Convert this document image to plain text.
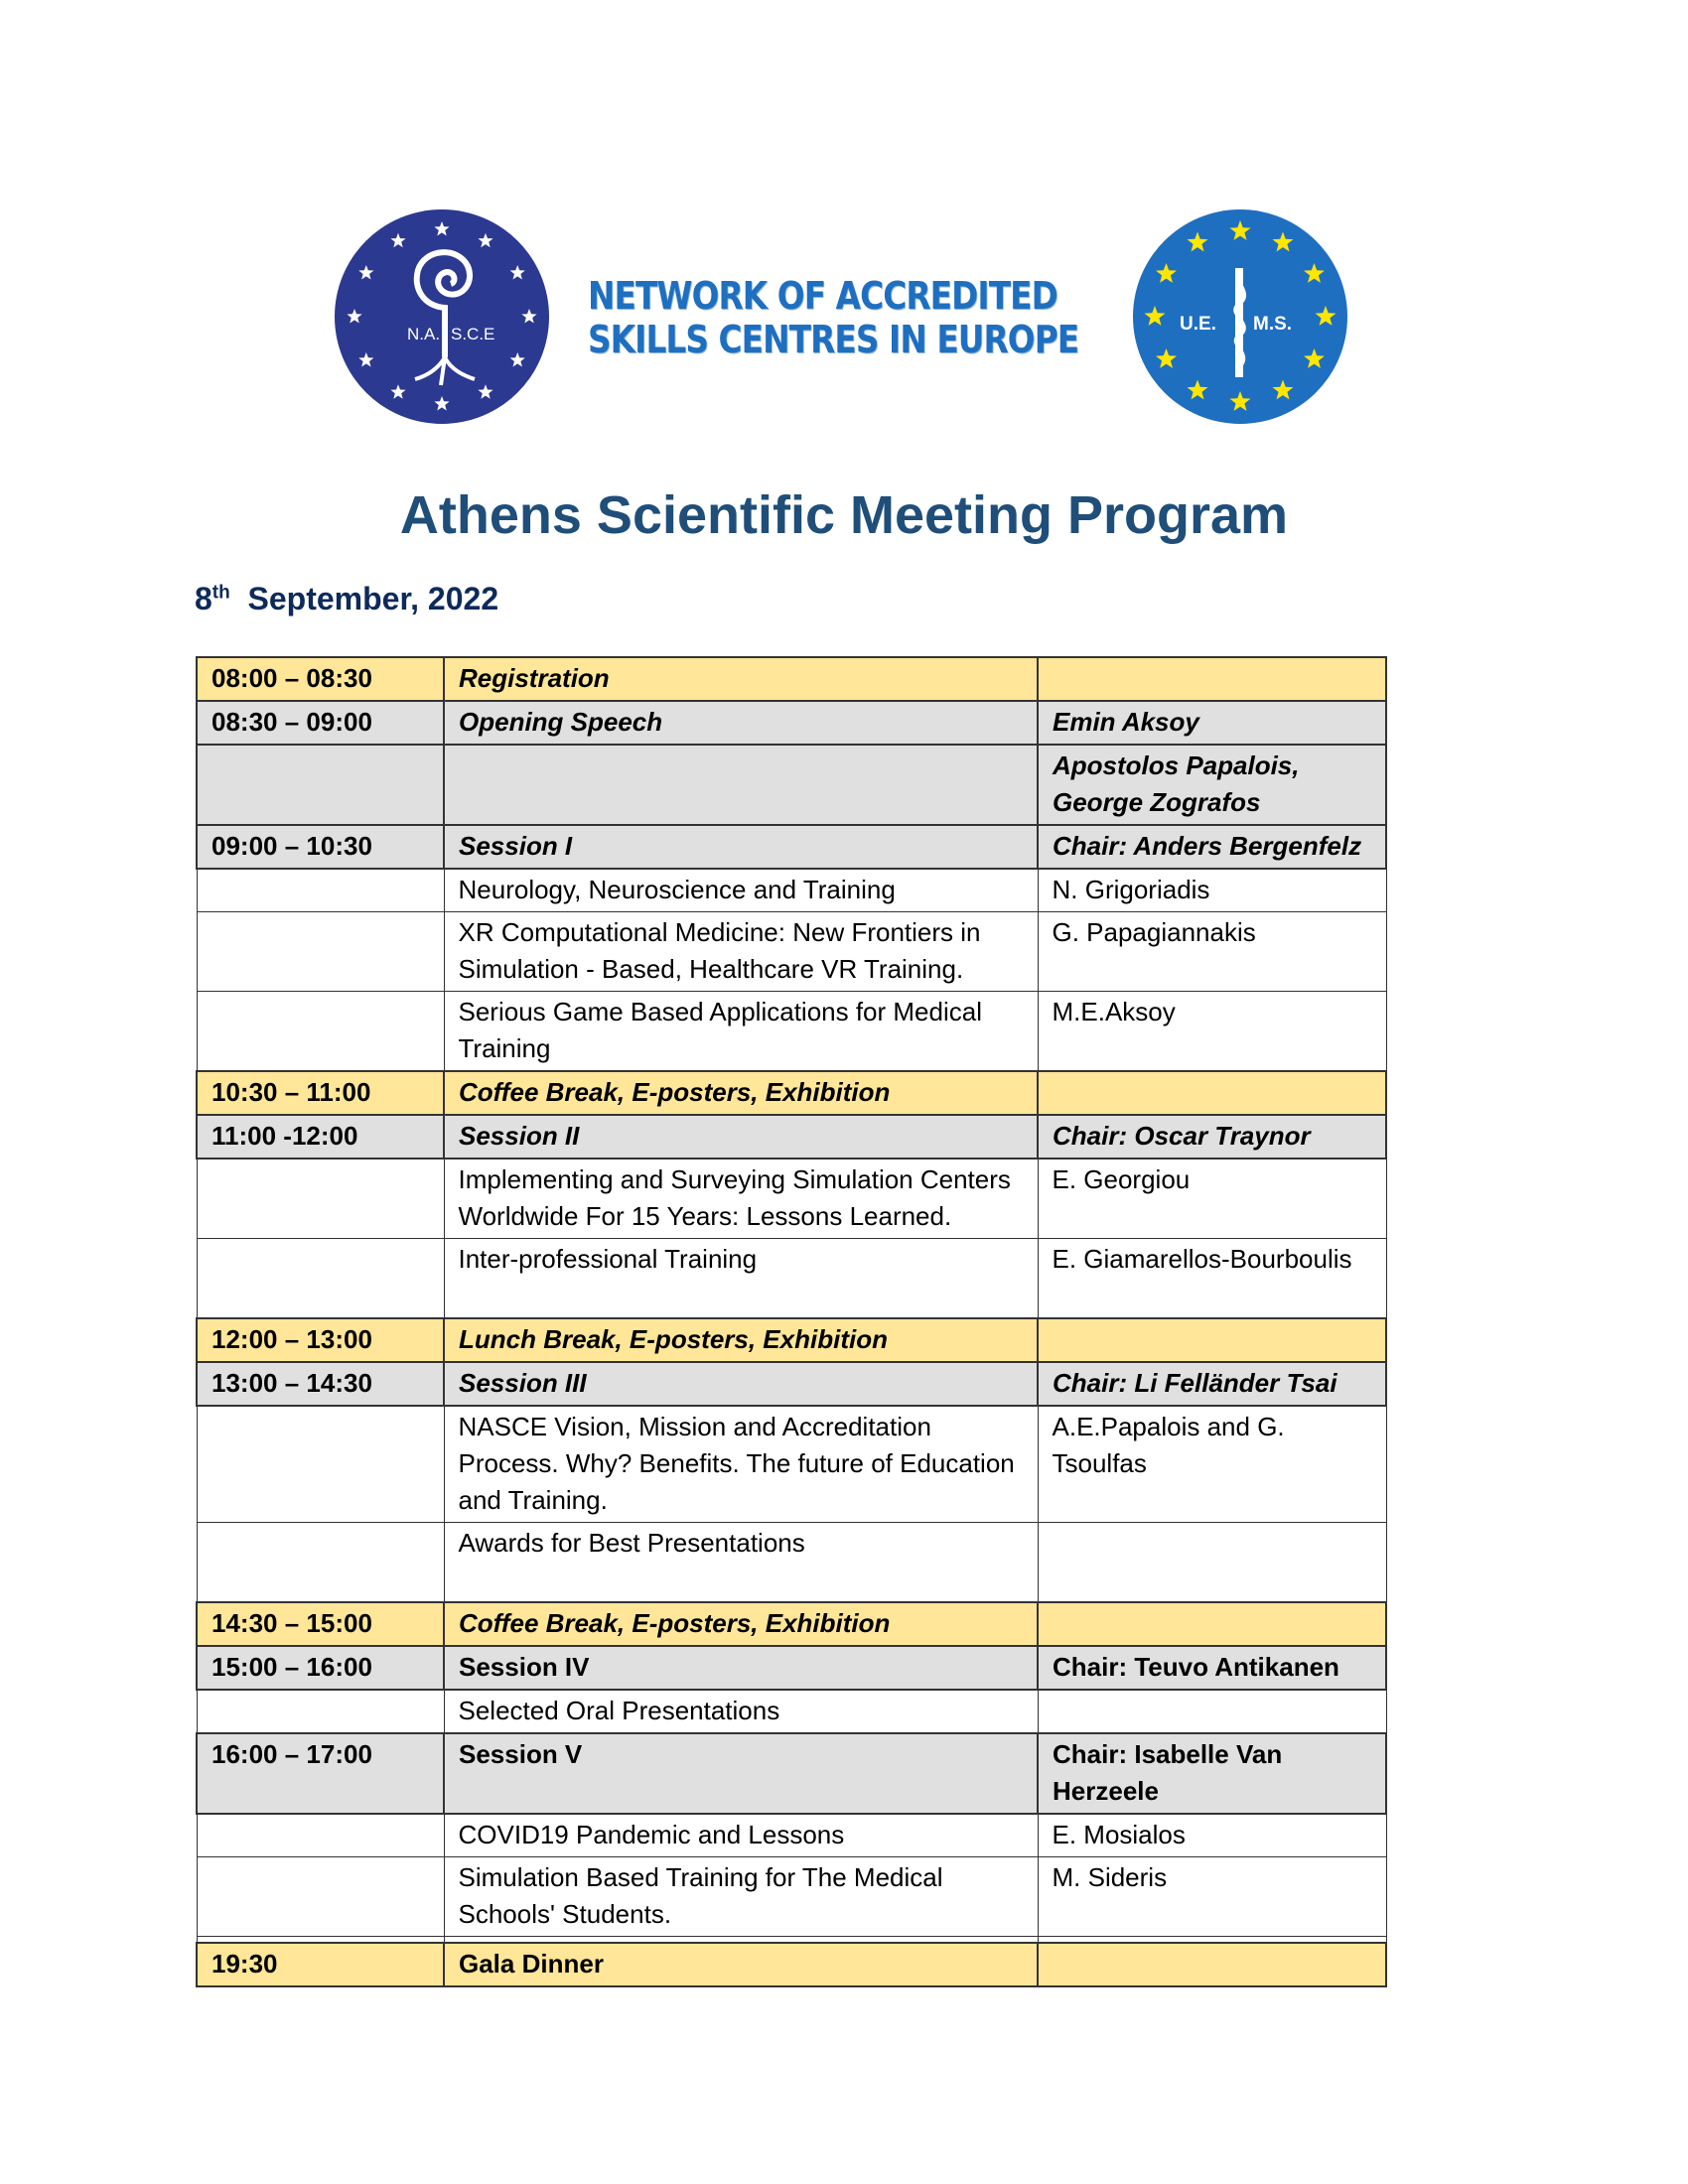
N.A. S.C.E
NETWORK OF ACCREDITED
SKILLS CENTRES IN EUROPE	U.E. M.S.
Athens Scientific Meeting Program
8th September, 2022
08:00 – 08:30	Registration	
08:30 – 09:00	Opening Speech	Emin Aksoy
		Apostolos Papalois, George Zografos
09:00 – 10:30	Session I	Chair: Anders Bergenfelz
	Neurology, Neuroscience and Training	N. Grigoriadis
	XR Computational Medicine: New Frontiers in Simulation - Based, Healthcare VR Training.	G. Papagiannakis
	Serious Game Based Applications for Medical Training	M.E.Aksoy
10:30 – 11:00	Coffee Break, E-posters, Exhibition	
11:00 -12:00	Session II	Chair: Oscar Traynor
	Implementing and Surveying Simulation Centers Worldwide For 15 Years: Lessons Learned.	E. Georgiou
	Inter-professional Training	E. Giamarellos-Bourboulis
12:00 – 13:00	Lunch Break, E-posters, Exhibition	
13:00 – 14:30	Session III	Chair: Li Felländer Tsai
	NASCE Vision, Mission and Accreditation Process. Why? Benefits. The future of Education and Training.	A.E.Papalois and G. Tsoulfas
	Awards for Best Presentations	
14:30 – 15:00	Coffee Break, E-posters, Exhibition	
15:00 – 16:00	Session IV	Chair: Teuvo Antikanen
	Selected Oral Presentations	
16:00 – 17:00	Session V	Chair: Isabelle Van Herzeele
	COVID19 Pandemic and Lessons	E. Mosialos
	Simulation Based Training for The Medical Schools' Students.	M. Sideris

19:30	Gala Dinner	
